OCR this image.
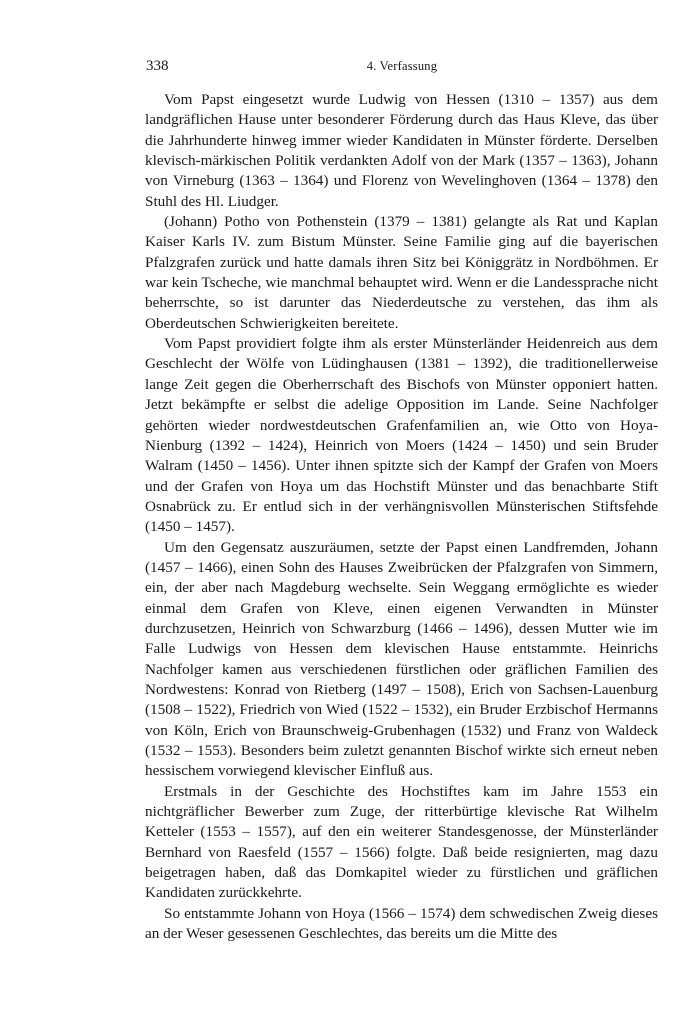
338	4. Verfassung

Vom Papst eingesetzt wurde Ludwig von Hessen (1310 – 1357) aus dem landgräflichen Hause unter besonderer Förderung durch das Haus Kleve, das über die Jahrhunderte hinweg immer wieder Kandidaten in Münster förderte. Derselben klevisch-märkischen Politik verdankten Adolf von der Mark (1357 – 1363), Johann von Virneburg (1363 – 1364) und Florenz von Wevelinghoven (1364 – 1378) den Stuhl des Hl. Liudger.

(Johann) Potho von Pothenstein (1379 – 1381) gelangte als Rat und Kaplan Kaiser Karls IV. zum Bistum Münster. Seine Familie ging auf die bayerischen Pfalzgrafen zurück und hatte damals ihren Sitz bei Königgrätz in Nordböhmen. Er war kein Tscheche, wie manchmal behauptet wird. Wenn er die Landessprache nicht beherrschte, so ist darunter das Niederdeutsche zu verstehen, das ihm als Oberdeutschen Schwierigkeiten bereitete.

Vom Papst providiert folgte ihm als erster Münsterländer Heidenreich aus dem Geschlecht der Wölfe von Lüdinghausen (1381 – 1392), die traditionellerweise lange Zeit gegen die Oberherrschaft des Bischofs von Münster opponiert hatten. Jetzt bekämpfte er selbst die adelige Opposition im Lande. Seine Nachfolger gehörten wieder nordwestdeutschen Grafenfamilien an, wie Otto von Hoya-Nienburg (1392 – 1424), Heinrich von Moers (1424 – 1450) und sein Bruder Walram (1450 – 1456). Unter ihnen spitzte sich der Kampf der Grafen von Moers und der Grafen von Hoya um das Hochstift Münster und das benachbarte Stift Osnabrück zu. Er entlud sich in der verhängnisvollen Münsterischen Stiftsfehde (1450 – 1457).

Um den Gegensatz auszuräumen, setzte der Papst einen Landfremden, Johann (1457 – 1466), einen Sohn des Hauses Zweibrücken der Pfalzgrafen von Simmern, ein, der aber nach Magdeburg wechselte. Sein Weggang ermöglichte es wieder einmal dem Grafen von Kleve, einen eigenen Verwandten in Münster durchzusetzen, Heinrich von Schwarzburg (1466 – 1496), dessen Mutter wie im Falle Ludwigs von Hessen dem klevischen Hause entstammte. Heinrichs Nachfolger kamen aus verschiedenen fürstlichen oder gräflichen Familien des Nordwestens: Konrad von Rietberg (1497 – 1508), Erich von Sachsen-Lauenburg (1508 – 1522), Friedrich von Wied (1522 – 1532), ein Bruder Erzbischof Hermanns von Köln, Erich von Braunschweig-Grubenhagen (1532) und Franz von Waldeck (1532 – 1553). Besonders beim zuletzt genannten Bischof wirkte sich erneut neben hessischem vorwiegend klevischer Einfluß aus.

Erstmals in der Geschichte des Hochstiftes kam im Jahre 1553 ein nichtgräflicher Bewerber zum Zuge, der ritterbürtige klevische Rat Wilhelm Ketteler (1553 – 1557), auf den ein weiterer Standesgenosse, der Münsterländer Bernhard von Raesfeld (1557 – 1566) folgte. Daß beide resignierten, mag dazu beigetragen haben, daß das Domkapitel wieder zu fürstlichen und gräflichen Kandidaten zurückkehrte.

So entstammte Johann von Hoya (1566 – 1574) dem schwedischen Zweig dieses an der Weser gesessenen Geschlechtes, das bereits um die Mitte des
